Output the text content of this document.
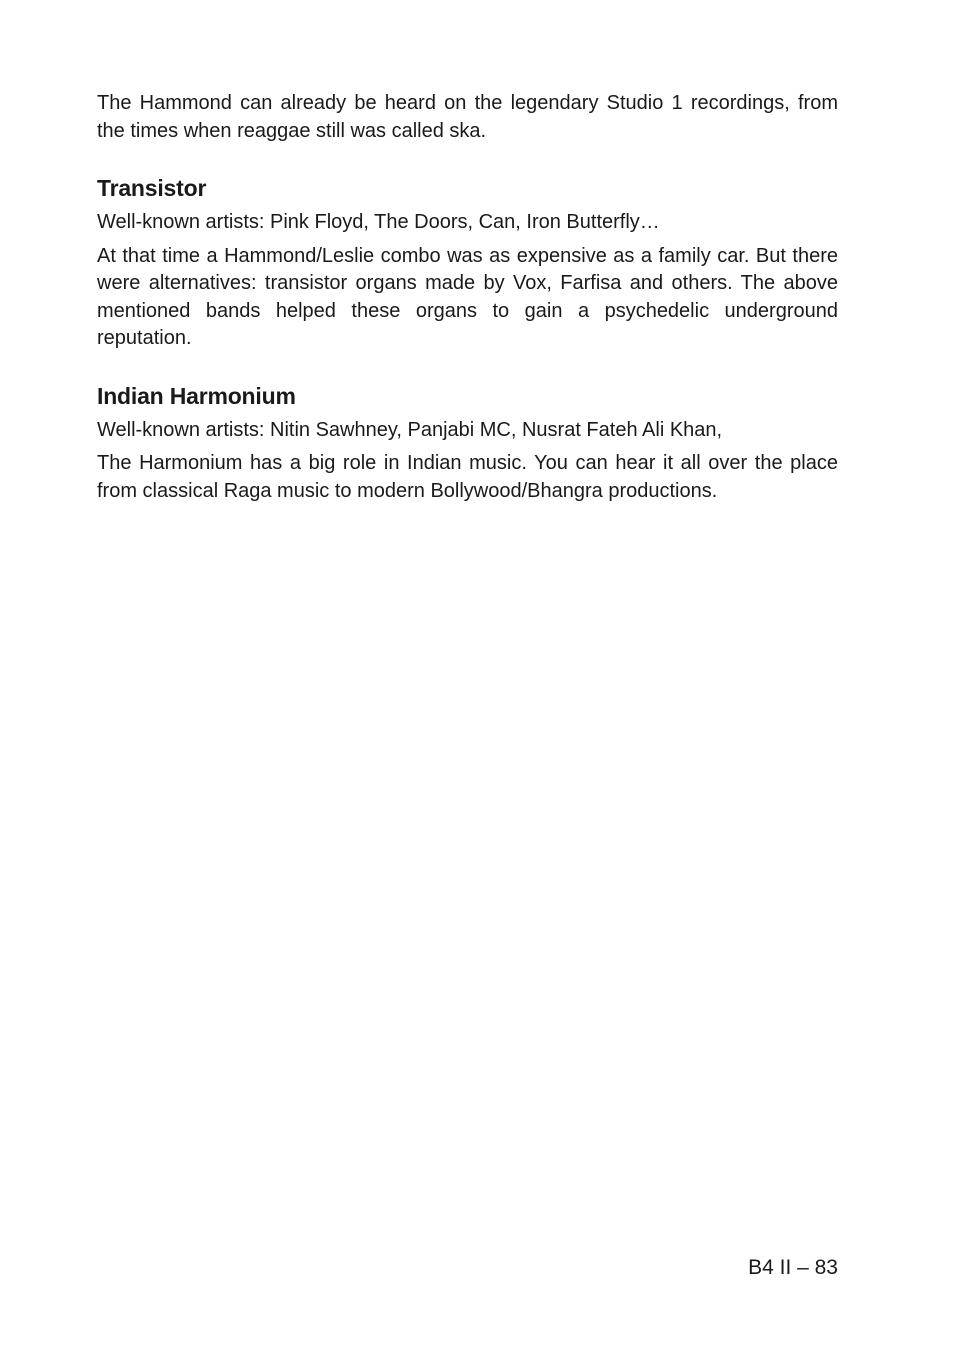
The Hammond can already be heard on the legendary Studio 1 recordings, from the times when reaggae still was called ska.

Transistor

Well-known artists: Pink Floyd, The Doors, Can, Iron Butterfly…

At that time a Hammond/Leslie combo was as expensive as a family car. But there were alternatives: transistor organs made by Vox, Farfisa and others. The above mentioned bands helped these organs to gain a psychedelic underground reputation.

Indian Harmonium

Well-known artists: Nitin Sawhney, Panjabi MC, Nusrat Fateh Ali Khan,

The Harmonium has a big role in Indian music. You can hear it all over the place from classical Raga music to modern Bollywood/Bhangra productions.

B4 II – 83
